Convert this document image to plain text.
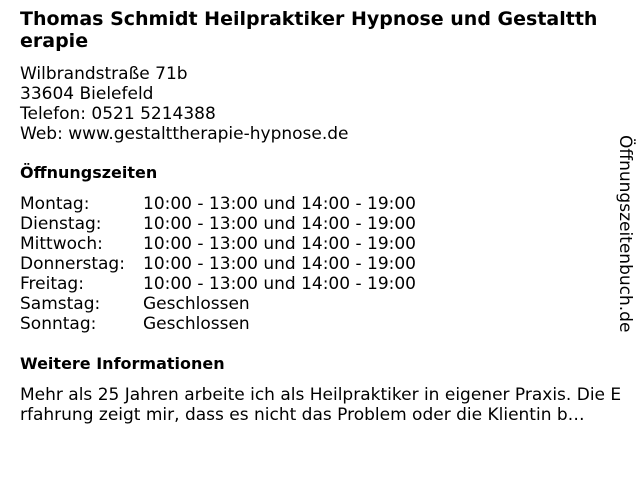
Thomas Schmidt Heilpraktiker Hypnose und Gestalttherapie
Wilbrandstraße 71b
33604 Bielefeld
Telefon: 0521 5214388
Web: www.gestalttherapie-hypnose.de
Öffnungszeiten
Montag:	10:00 - 13:00 und 14:00 - 19:00
Dienstag:	10:00 - 13:00 und 14:00 - 19:00
Mittwoch:	10:00 - 13:00 und 14:00 - 19:00
Donnerstag:	10:00 - 13:00 und 14:00 - 19:00
Freitag:	10:00 - 13:00 und 14:00 - 19:00
Samstag:	Geschlossen
Sonntag:	Geschlossen
Weitere Informationen
Mehr als 25 Jahren arbeite ich als Heilpraktiker in eigener Praxis. Die Erfahrung zeigt mir, dass es nicht das Problem oder die Klientin b…
Öffnungszeitenbuch.de
